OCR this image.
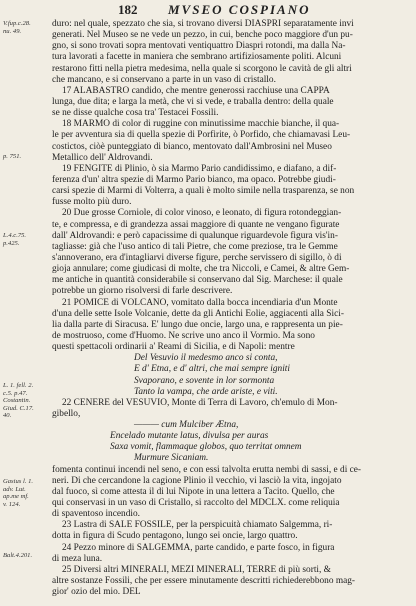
182 MVSEO COSPIANO
V.fup.c.28.
nu. 49.
p. 751.
L.4.c.75.
p.425.
L. 1. fell. 2.
c.5. p.47.
Costantin.
Giud. C.17.
40.
Gasius l. 1.
adv. Lut.
ap.me mf.
v. 124.
Balt.4.201.
duro: nel quale, spezzato che sia, si trovano diversi DIASPRI separatamente invi
generati. Nel Museo se ne vede un pezzo, in cui, benche poco maggiore d'un pu-
gno, si sono trovati sopra mentovati ventiquattro Diaspri rotondi, ma dalla Na-
tura lavorati a facette in maniera che sembrano artifiziosamente politi. Alcuni
restarono fitti nella pietra medesima, nella quale si scorgono le cavità de gli altri
che mancano, e si conservano a parte in un vaso di cristallo.
17 ALABASTRO candido, che mentre generossi racchiuse una CAPPA
lunga, due dita; e larga la metà, che vi si vede, e traballa dentro: della quale
se ne disse qualche cosa tra' Testacei Fossili.
18 MARMO di color di ruggine con minutissime macchie bianche, il qua-
le per avventura sia di quella spezie di Porfirite, ò Porfido, che chiamavasi Leu-
costictos, ciòè punteggiato di bianco, mentovato dall'Ambrosini nel Museo
Metallico dell' Aldrovandi.
19 FENGITE di Plinio, ò sia Marmo Pario candidissimo, e diafano, a dif-
ferenza d'un' altra spezie di Marmo Pario bianco, ma opaco. Potrebbe giudi-
carsi spezie di Marmi di Volterra, a quali è molto simile nella trasparenza, se non
fusse molto più duro.
20 Due grosse Corniole, di color vinoso, e leonato, di figura rotondeggian-
te, e compressa, e di grandezza assai maggiore di quante ne vengano figurate
dall' Aldrovandi: e però capacissime di qualunque riguardevole figura vis'in-
tagliasse: già che l'uso antico di tali Pietre, che come preziose, tra le Gemme
s'annoverano, era d'intagliarvi diverse figure, perche servissero di sigillo, ò di
gioja annulare; come giudicasi di molte, che tra Niccoli, e Camei, & altre Gem-
me antiche in quantità considerabile si conservano dal Sig. Marchese: il quale
potrebbe un giorno risolversi di farle descrivere.
21 POMICE di VOLCANO, vomitato dalla bocca incendiaria d'un Monte
d'una delle sette Isole Volcanie, dette da gli Antichi Eolie, aggiacenti alla Sici-
lia dalla parte di Siracusa. E' lungo due oncie, largo una, e rappresenta un pie-
de mostruoso, come d'Huomo. Ne scrive uno anco il Vormio. Ma sono
questi spettacoli ordinarii a' Reami di Sicilia, e di Napoli: mentre
Del Vesuvio il medesmo anco si conta,
E d' Etna, e d' altri, che mai sempre igniti
Svaporano, e sovente in lor sormonta
Tanto la vampa, che arde ariste, e viti.
22 CENERE del VESUVIO, Monte di Terra di Lavoro, ch'emulo di Mon-
gibello,
——— cum Mulciber Ætna,
Encelado mutante latus, divulsa per auras
Saxa vomit, flammaque globos, quo territat omnem
Murmure Sicaniam.
fomenta continui incendi nel seno, e con essi talvolta erutta nembi di sassi, e di ce-
neri. Di che cercandone la cagione Plinio il vecchio, vi lasciò la vita, ingojato
dal fuoco, sì come attesta il di lui Nipote in una lettera a Tacito. Quello, che
qui conservasi in un vaso di Cristallo, si raccolto del MDCLX. come reliquia
di spaventoso incendio.
23 Lastra di SALE FOSSILE, per la perspicuità chiamato Salgemma, ri-
dotta in figura di Scudo pentagono, lungo sei oncie, largo quattro.
24 Pezzo minore di SALGEMMA, parte candido, e parte fosco, in figura
di meza luna.
25 Diversi altri MINERALI, MEZI MINERALI, TERRE di più sorti, &
altre sostanze Fossili, che per essere minutamente descritti richiederebbono mag-
gior' ozio del mio. DEL
